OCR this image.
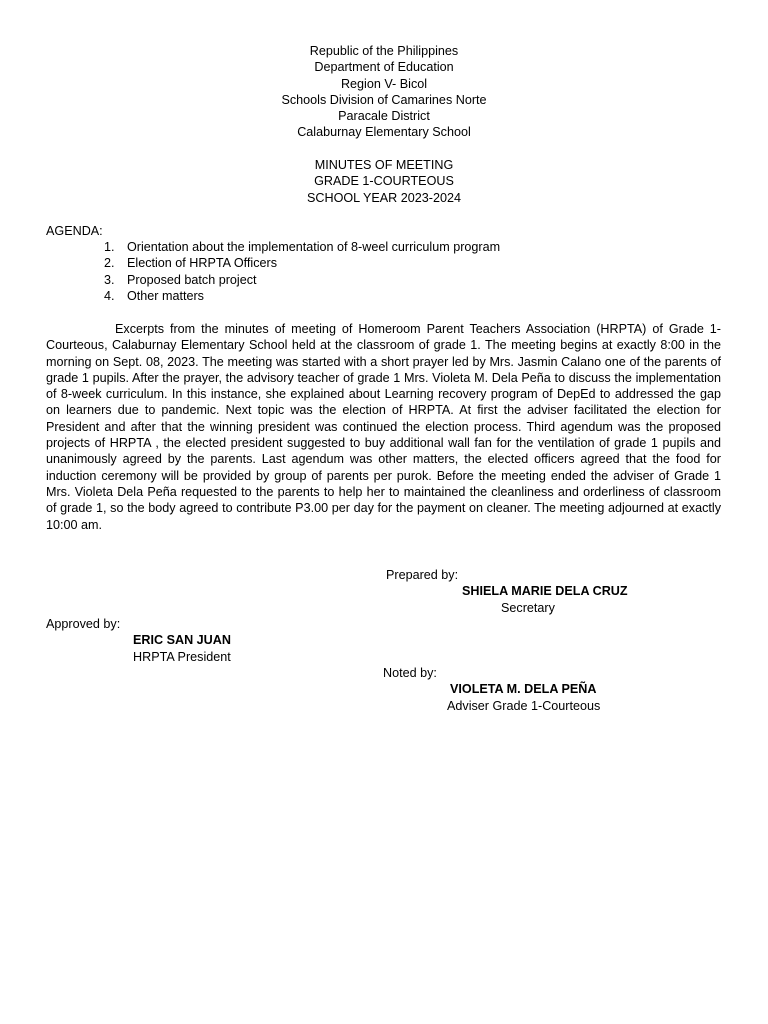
Republic of the Philippines
Department of Education
Region V- Bicol
Schools Division of Camarines Norte
Paracale District
Calaburnay Elementary School
MINUTES OF MEETING
GRADE 1-COURTEOUS
SCHOOL YEAR 2023-2024
AGENDA:
1. Orientation about the implementation of 8-weel curriculum program
2. Election of HRPTA Officers
3. Proposed batch project
4. Other matters

Excerpts from the minutes of meeting of Homeroom Parent Teachers Association (HRPTA) of Grade 1-Courteous, Calaburnay Elementary School held at the classroom of grade 1. The meeting begins at exactly 8:00 in the morning on Sept. 08, 2023. The meeting was started with a short prayer led by Mrs. Jasmin Calano one of the parents of grade 1 pupils. After the prayer, the advisory teacher of grade 1 Mrs. Violeta M. Dela Peña to discuss the implementation of 8-week curriculum. In this instance, she explained about Learning recovery program of DepEd to addressed the gap on learners due to pandemic. Next topic was the election of HRPTA. At first the adviser facilitated the election for President and after that the winning president was continued the election process. Third agendum was the proposed projects of HRPTA , the elected president suggested to buy additional wall fan for the ventilation of grade 1 pupils and unanimously agreed by the parents. Last agendum was other matters, the elected officers agreed that the food for induction ceremony will be provided by group of parents per purok. Before the meeting ended the adviser of Grade 1 Mrs. Violeta Dela Peña requested to the parents to help her to maintained the cleanliness and orderliness of classroom of grade 1, so the body agreed to contribute P3.00 per day for the payment on cleaner. The meeting adjourned at exactly 10:00 am.

Prepared by:
SHIELA MARIE DELA CRUZ
Secretary
Approved by:
ERIC SAN JUAN
HRPTA President
Noted by:
VIOLETA M. DELA PEÑA
Adviser Grade 1-Courteous
